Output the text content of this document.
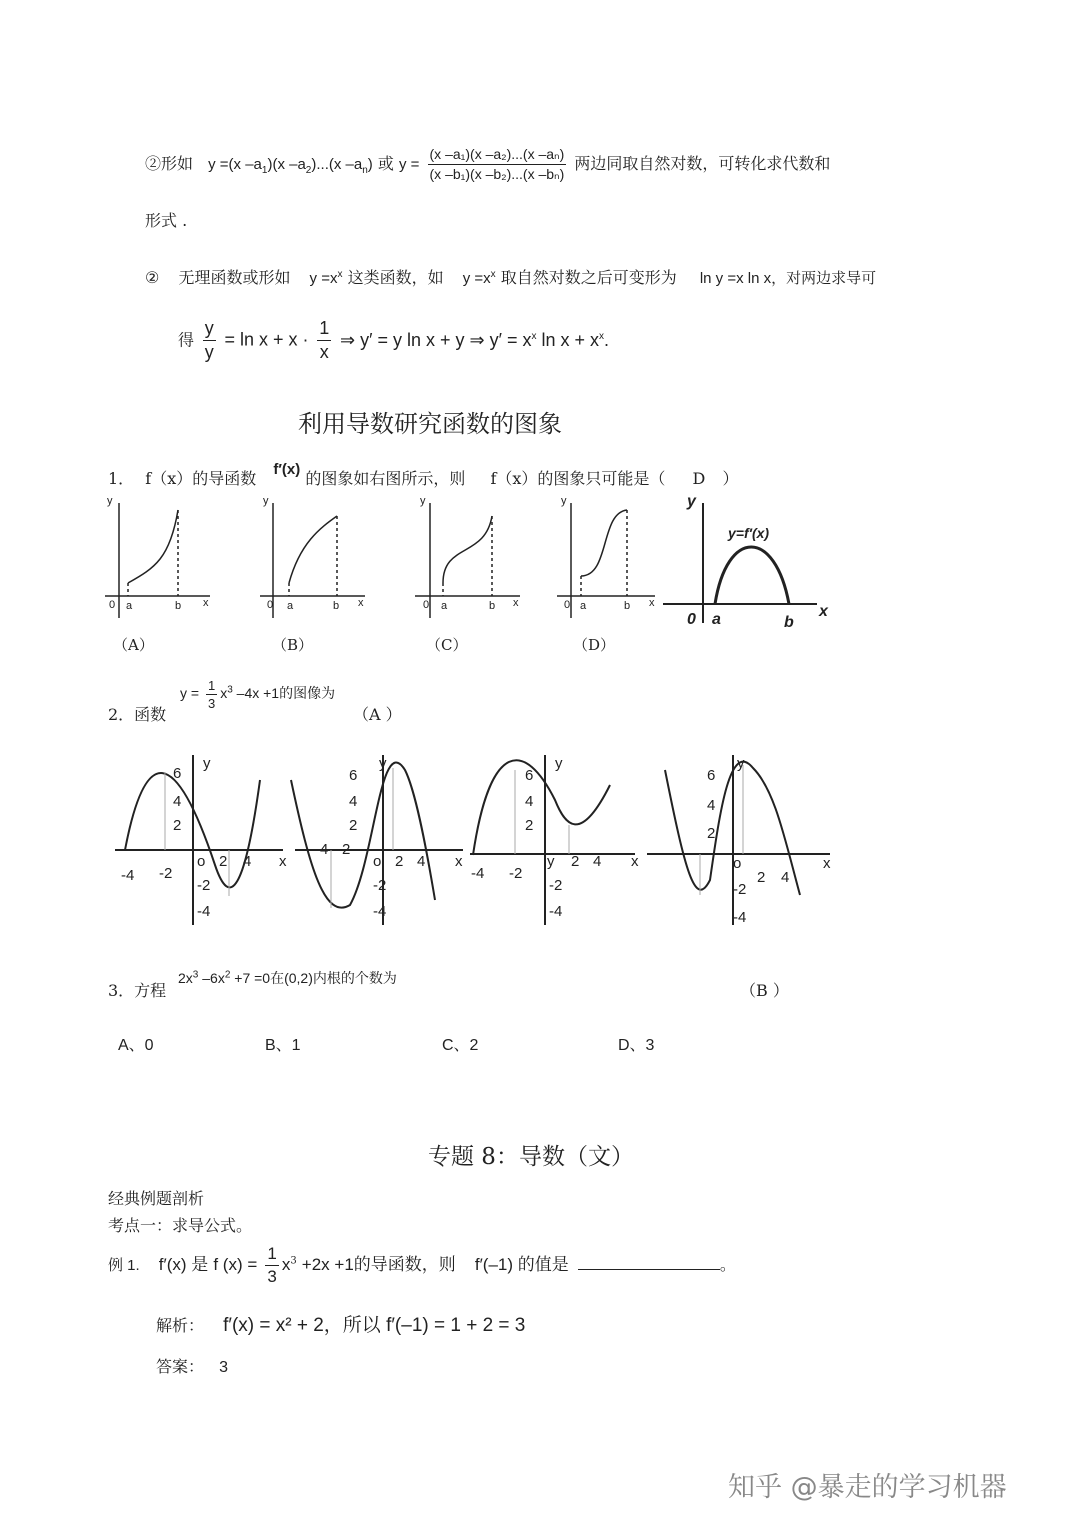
②形如 y =(x $-a_1)(x$ $-a_2)...(x$ $-a_n$) 或 $y = \frac{\text{(x –a₁)(x –a₂)...(x –aₙ)}}{\text{(x –b₁)(x –b₂)...(x –bₙ)}}$ 两边同取自然对数，可转化求代数和
形式 .
② 无理函数或形如 $y =x^x$ 这类函数，如 $y =x^x$ 取自然对数之后可变形为 ln y =x ln x，对两边求导可
得 $\frac{y}{y} = \ln x + x \cdot \frac{1}{x}$ ⇒ y′ = y ln x + y ⇒ $y' = x^x$ $\ln x + x^x$.
利用导数研究函数的图象
1． f（x）的导函数 f′(x) 的图象如右图所示，则 f（x）的图象只可能是（ D ）
y
x
0 a	b
y
x
0 a	b
y
x
0 a	b
y
x
0 a	b
y
x
0 a	b
y=f′(x)
（A）	（B）	（C）	（D）
2．函数
$y = \frac{1}{3} x^3$ –4x +1的图像为
（A ）
6
4
2
-2
-4
-4 -2
o 2 4 x
y
6
4
2
-2
-4
-4 -2
o 2 4 x
y
6
4
2
-2
-4
-4 -2
y 2 4 x
y
6
4
2
-2
-4
o
2 4
x
y
3．方程
$2x^3$ $-6x^2 +7 =0$在(0,2)内根的个数为
（B ）
A、0	B、1	C、2	D、3
专题 8：导数（文）
经典例题剖析
考点一：求导公式。
例 1. f′(x) 是 f $(x) = \frac{1}{3} x^3 +2x +1$的导函数，则 f′(–1) 的值是	。
解析： f′(x) = x² + 2，所以 f′(–1) = 1 + 2 = 3
答案： 3
知乎 @暴走的学习机器
